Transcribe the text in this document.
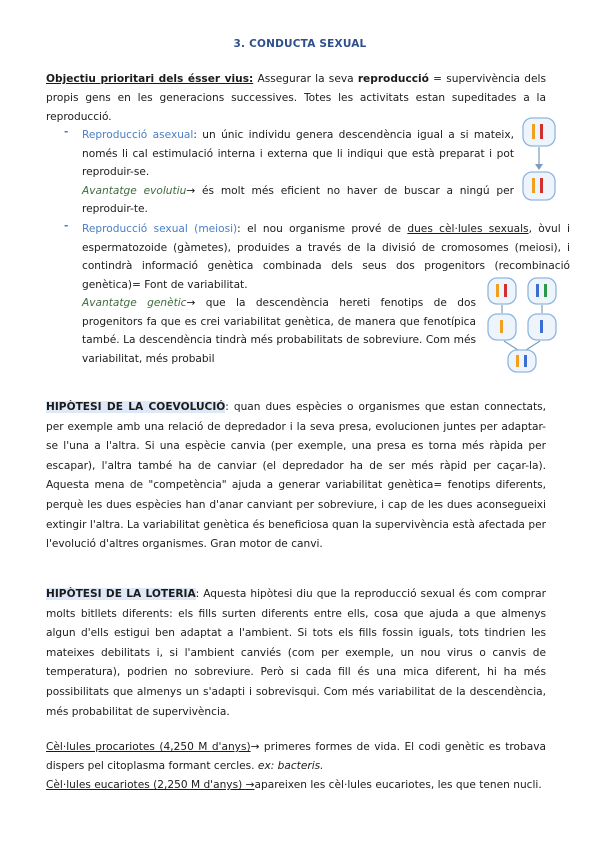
3. CONDUCTA SEXUAL
Objectiu prioritari dels ésser vius: Assegurar la seva reproducció = supervivència dels propis gens en les generacions successives. Totes les activitats estan supeditades a la reproducció.
- Reproducció asexual: un únic individu genera descendència igual a si mateix, només li cal estimulació interna i externa que li indiqui que està preparat i pot reproduir-se.
Avantatge evolutiu→ és molt més eficient no haver de buscar a ningú per reproduir-te.
- Reproducció sexual (meiosi): el nou organisme prové de dues cèl·lules sexuals, òvul i espermatozoide (gàmetes), produides a través de la divisió de cromosomes (meiosi), i contindrà informació genètica combinada dels seus dos progenitors (recombinació genètica)= Font de variabilitat.
Avantatge genètic→ que la descendència hereti fenotips de dos progenitors fa que es crei variabilitat genètica, de manera que fenotípica també. La descendència tindrà més probabilitats de sobreviure. Com més variabilitat, més probabil
HIPÒTESI DE LA COEVOLUCIÓ: quan dues espècies o organismes que estan connectats, per exemple amb una relació de depredador i la seva presa, evolucionen juntes per adaptar-se l'una a l'altra. Si una espècie canvia (per exemple, una presa es torna més ràpida per escapar), l'altra també ha de canviar (el depredador ha de ser més ràpid per caçar-la). Aquesta mena de "competència" ajuda a generar variabilitat genètica= fenotips diferents, perquè les dues espècies han d'anar canviant per sobreviure, i cap de les dues aconsegueixi extingir l'altra. La variabilitat genètica és beneficiosa quan la supervivència està afectada per l'evolució d'altres organismes. Gran motor de canvi.
HIPÒTESI DE LA LOTERIA: Aquesta hipòtesi diu que la reproducció sexual és com comprar molts bitllets diferents: els fills surten diferents entre ells, cosa que ajuda a que almenys algun d'ells estigui ben adaptat a l'ambient. Si tots els fills fossin iguals, tots tindrien les mateixes debilitats i, si l'ambient canviés (com per exemple, un nou virus o canvis de temperatura), podrien no sobreviure. Però si cada fill és una mica diferent, hi ha més possibilitats que almenys un s'adapti i sobrevisqui. Com més variabilitat de la descendència, més probabilitat de supervivència.
Cèl·lules procariotes (4,250 M d'anys)→ primeres formes de vida. El codi genètic es trobava dispers pel citoplasma formant cercles. ex: bacteris.
Cèl·lules eucariotes (2,250 M d'anys) →apareixen les cèl·lules eucariotes, les que tenen nucli.
